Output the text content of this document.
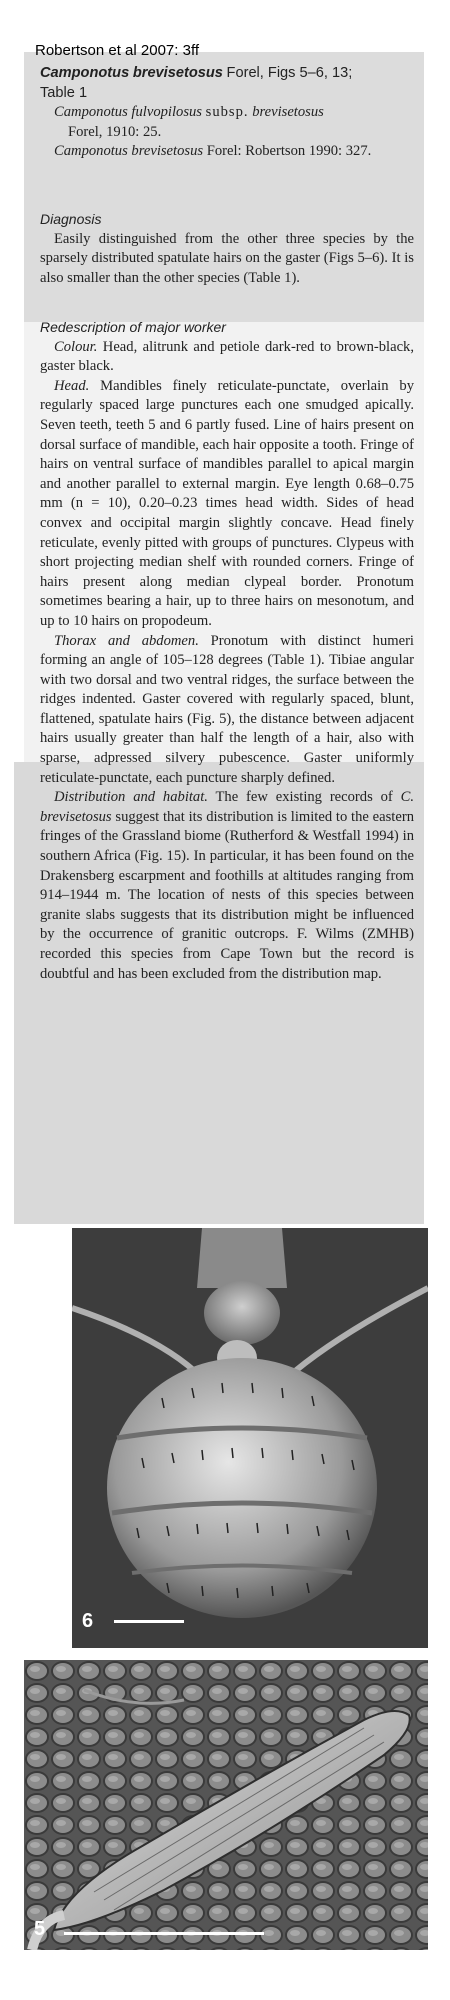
Robertson et al 2007: 3ff

Camponotus brevisetosus Forel, Figs 5–6, 13;

Table 1

Camponotus fulvopilosus subsp. brevisetosus

Forel, 1910: 25.

Camponotus brevisetosus Forel: Robertson 1990: 327.

Diagnosis

Easily distinguished from the other three species by the sparsely distributed spatulate hairs on the gaster (Figs 5–6). It is also smaller than the other species (Table 1).

Redescription of major worker

Colour. Head, alitrunk and petiole dark-red to brown-black, gaster black.

Head. Mandibles finely reticulate-punctate, overlain by regularly spaced large punctures each one smudged apically. Seven teeth, teeth 5 and 6 partly fused. Line of hairs present on dorsal surface of mandible, each hair opposite a tooth. Fringe of hairs on ventral surface of mandibles parallel to apical margin and another parallel to external margin. Eye length 0.68–0.75 mm (n = 10), 0.20–0.23 times head width. Sides of head convex and occipital margin slightly concave. Head finely reticulate, evenly pitted with groups of punctures. Clypeus with short projecting median shelf with rounded corners. Fringe of hairs present along median clypeal border. Pronotum sometimes bearing a hair, up to three hairs on mesonotum, and up to 10 hairs on propodeum.

Thorax and abdomen. Pronotum with distinct humeri forming an angle of 105–128 degrees (Table 1). Tibiae angular with two dorsal and two ventral ridges, the surface between the ridges indented. Gaster covered with regularly spaced, blunt, flattened, spatulate hairs (Fig. 5), the distance between adjacent hairs usually greater than half the length of a hair, also with sparse, adpressed silvery pubescence. Gaster uniformly reticulate-punctate, each puncture sharply defined.

Distribution and habitat. The few existing records of C. brevisetosus suggest that its distribution is limited to the eastern fringes of the Grassland biome (Rutherford & Westfall 1994) in southern Africa (Fig. 15). In particular, it has been found on the Drakensberg escarpment and foothills at altitudes ranging from 914–1944 m. The location of nests of this species between granite slabs suggests that its distribution might be influenced by the occurrence of granitic outcrops. F. Wilms (ZMHB) recorded this species from Cape Town but the record is doubtful and has been excluded from the distribution map.

6
5
